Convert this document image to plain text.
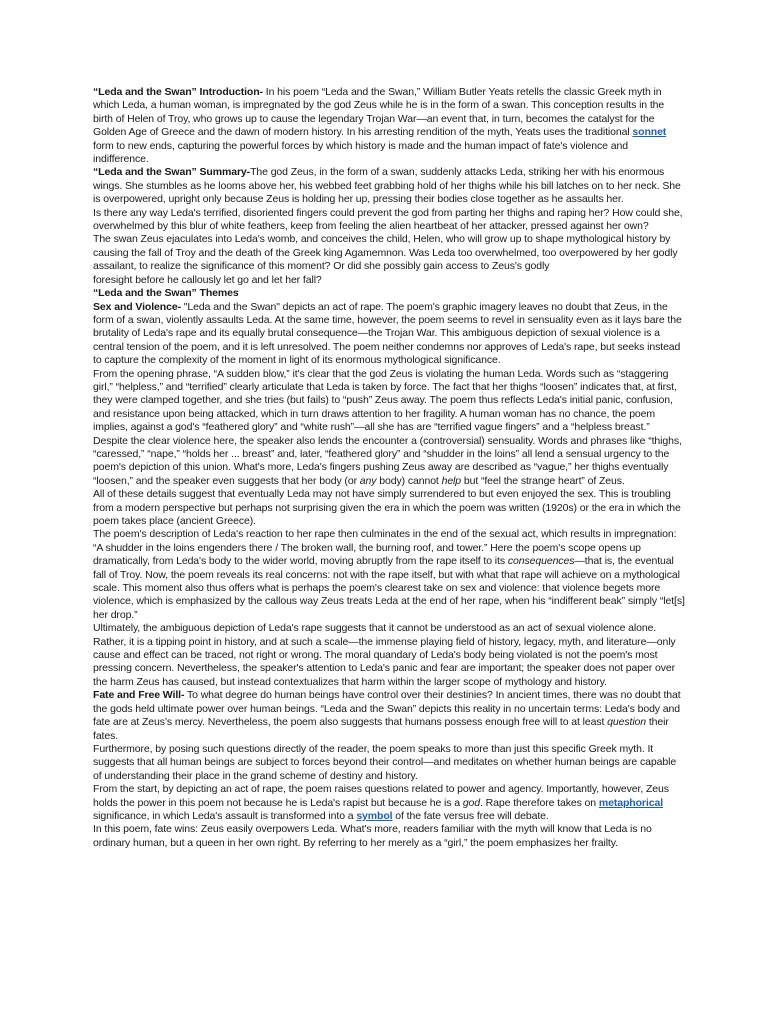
“Leda and the Swan” Introduction- In his poem “Leda and the Swan,” William Butler Yeats retells the classic Greek myth in which Leda, a human woman, is impregnated by the god Zeus while he is in the form of a swan. This conception results in the birth of Helen of Troy, who grows up to cause the legendary Trojan War—an event that, in turn, becomes the catalyst for the Golden Age of Greece and the dawn of modern history. In his arresting rendition of the myth, Yeats uses the traditional sonnet form to new ends, capturing the powerful forces by which history is made and the human impact of fate's violence and indifference.

“Leda and the Swan” Summary-The god Zeus, in the form of a swan, suddenly attacks Leda, striking her with his enormous wings. She stumbles as he looms above her, his webbed feet grabbing hold of her thighs while his bill latches on to her neck. She is overpowered, upright only because Zeus is holding her up, pressing their bodies close together as he assaults her.

Is there any way Leda's terrified, disoriented fingers could prevent the god from parting her thighs and raping her? How could she, overwhelmed by this blur of white feathers, keep from feeling the alien heartbeat of her attacker, pressed against her own?

The swan Zeus ejaculates into Leda's womb, and conceives the child, Helen, who will grow up to shape mythological history by causing the fall of Troy and the death of the Greek king Agamemnon. Was Leda too overwhelmed, too overpowered by her godly assailant, to realize the significance of this moment? Or did she possibly gain access to Zeus's godly

foresight before he callously let go and let her fall?

“Leda and the Swan” Themes

Sex and Violence- "Leda and the Swan" depicts an act of rape. The poem's graphic imagery leaves no doubt that Zeus, in the form of a swan, violently assaults Leda. At the same time, however, the poem seems to revel in sensuality even as it lays bare the brutality of Leda's rape and its equally brutal consequence—the Trojan War. This ambiguous depiction of sexual violence is a central tension of the poem, and it is left unresolved. The poem neither condemns nor approves of Leda's rape, but seeks instead to capture the complexity of the moment in light of its enormous mythological significance.

From the opening phrase, “A sudden blow,” it's clear that the god Zeus is violating the human Leda. Words such as “staggering girl,” “helpless,” and “terrified” clearly articulate that Leda is taken by force. The fact that her thighs “loosen” indicates that, at first, they were clamped together, and she tries (but fails) to “push” Zeus away. The poem thus reflects Leda's initial panic, confusion, and resistance upon being attacked, which in turn draws attention to her fragility. A human woman has no chance, the poem implies, against a god's “feathered glory” and “white rush”—all she has are “terrified vague fingers” and a “helpless breast.”

Despite the clear violence here, the speaker also lends the encounter a (controversial) sensuality. Words and phrases like “thighs, “caressed,” “nape,” “holds her ... breast” and, later, “feathered glory” and “shudder in the loins” all lend a sensual urgency to the poem's depiction of this union. What's more, Leda's fingers pushing Zeus away are described as “vague,” her thighs eventually “loosen,” and the speaker even suggests that her body (or any body) cannot help but “feel the strange heart” of Zeus.

All of these details suggest that eventually Leda may not have simply surrendered to but even enjoyed the sex. This is troubling from a modern perspective but perhaps not surprising given the era in which the poem was written (1920s) or the era in which the poem takes place (ancient Greece).

The poem's description of Leda's reaction to her rape then culminates in the end of the sexual act, which results in impregnation: “A shudder in the loins engenders there / The broken wall, the burning roof, and tower.” Here the poem's scope opens up dramatically, from Leda's body to the wider world, moving abruptly from the rape itself to its consequences—that is, the eventual fall of Troy. Now, the poem reveals its real concerns: not with the rape itself, but with what that rape will achieve on a mythological scale. This moment also thus offers what is perhaps the poem's clearest take on sex and violence: that violence begets more violence, which is emphasized by the callous way Zeus treats Leda at the end of her rape, when his “indifferent beak” simply “let[s] her drop.”

Ultimately, the ambiguous depiction of Leda's rape suggests that it cannot be understood as an act of sexual violence alone. Rather, it is a tipping point in history, and at such a scale—the immense playing field of history, legacy, myth, and literature—only cause and effect can be traced, not right or wrong. The moral quandary of Leda's body being violated is not the poem's most pressing concern. Nevertheless, the speaker's attention to Leda's panic and fear are important; the speaker does not paper over the harm Zeus has caused, but instead contextualizes that harm within the larger scope of mythology and history.

Fate and Free Will- To what degree do human beings have control over their destinies? In ancient times, there was no doubt that the gods held ultimate power over human beings. “Leda and the Swan” depicts this reality in no uncertain terms: Leda's body and fate are at Zeus's mercy. Nevertheless, the poem also suggests that humans possess enough free will to at least question their fates.

Furthermore, by posing such questions directly of the reader, the poem speaks to more than just this specific Greek myth. It suggests that all human beings are subject to forces beyond their control—and meditates on whether human beings are capable of understanding their place in the grand scheme of destiny and history.

From the start, by depicting an act of rape, the poem raises questions related to power and agency. Importantly, however, Zeus holds the power in this poem not because he is Leda's rapist but because he is a god. Rape therefore takes on metaphorical significance, in which Leda's assault is transformed into a symbol of the fate versus free will debate.

In this poem, fate wins: Zeus easily overpowers Leda. What's more, readers familiar with the myth will know that Leda is no ordinary human, but a queen in her own right. By referring to her merely as a “girl,” the poem emphasizes her frailty.
